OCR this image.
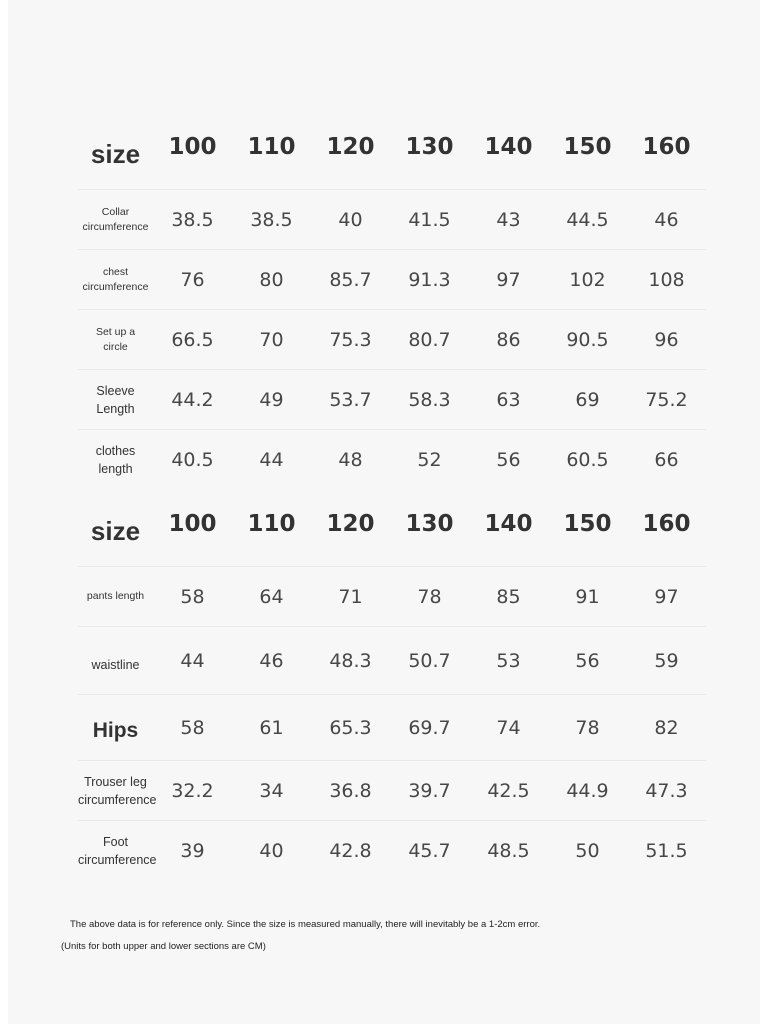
size	100	110	120	130	140	150	160
Collar
circumference	38.5	38.5	40	41.5	43	44.5	46
chest
circumference	76	80	85.7	91.3	97	102	108
Set up a
circle	66.5	70	75.3	80.7	86	90.5	96
Sleeve
Length	44.2	49	53.7	58.3	63	69	75.2
clothes
length	40.5	44	48	52	56	60.5	66
size	100	110	120	130	140	150	160
pants length	58	64	71	78	85	91	97
waistline	44	46	48.3	50.7	53	56	59
Hips	58	61	65.3	69.7	74	78	82
Trouser leg
circumference	32.2	34	36.8	39.7	42.5	44.9	47.3
Foot
circumference	39	40	42.8	45.7	48.5	50	51.5
The above data is for reference only. Since the size is measured manually, there will inevitably be a 1-2cm error.
(Units for both upper and lower sections are CM)
